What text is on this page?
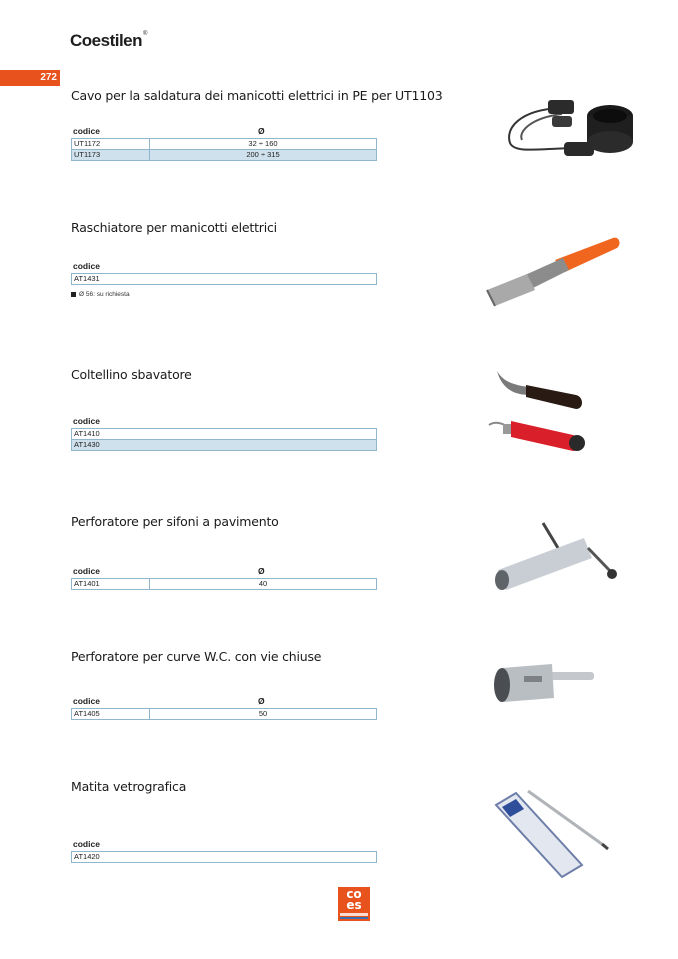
Coestilen®
272
Cavo per la saldatura dei manicotti elettrici in PE per UT1103
codice	Ø
UT1172	32 ÷ 160
UT1173	200 ÷ 315
Raschiatore per manicotti elettrici
codice
AT1431
Ø 56: su richiesta
Coltellino sbavatore
codice
AT1410
AT1430
Perforatore per sifoni a pavimento
codice	Ø
AT1401	40
Perforatore per curve W.C. con vie chiuse
codice	Ø
AT1405	50
Matita vetrografica
codice
AT1420
co
es
